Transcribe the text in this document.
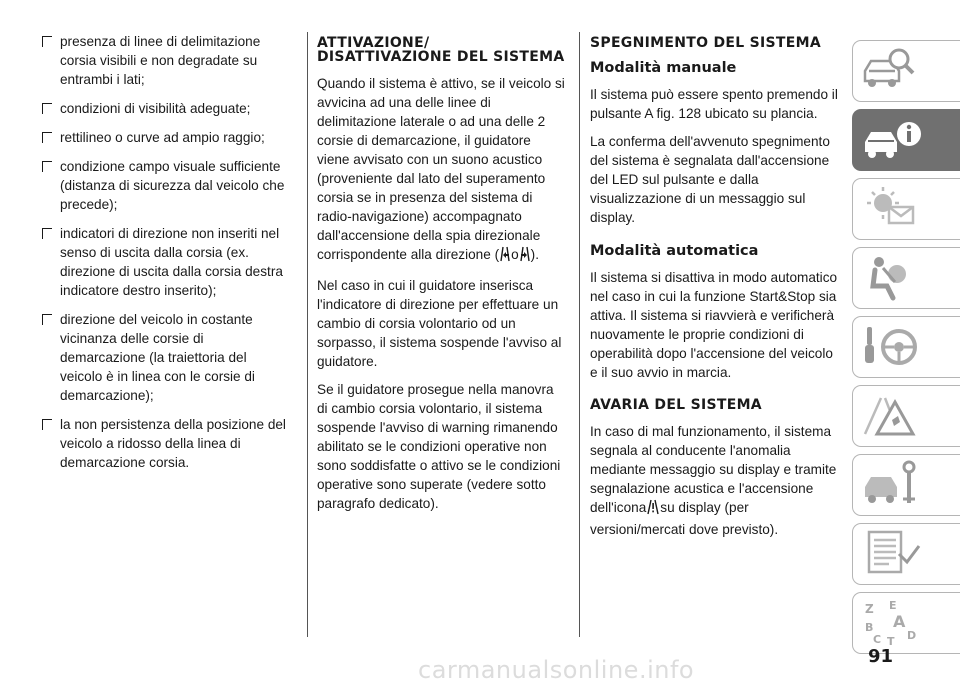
presenza di linee di delimitazione corsia visibili e non degradate su entrambi i lati;
condizioni di visibilità adeguate;
rettilineo o curve ad ampio raggio;
condizione campo visuale sufficiente (distanza di sicurezza dal veicolo che precede);
indicatori di direzione non inseriti nel senso di uscita dalla corsia (ex. direzione di uscita dalla corsia destra indicatore destro inserito);
direzione del veicolo in costante vicinanza delle corsie di demarcazione (la traiettoria del veicolo è in linea con le corsie di demarcazione);
la non persistenza della posizione del veicolo a ridosso della linea di demarcazione corsia.
ATTIVAZIONE/ DISATTIVAZIONE DEL SISTEMA

Quando il sistema è attivo, se il veicolo si avvicina ad una delle linee di delimitazione laterale o ad una delle 2 corsie di demarcazione, il guidatore viene avvisato con un suono acustico (proveniente dal lato del superamento corsia se in presenza del sistema di radio-navigazione) accompagnato dall'accensione della spia direzionale corrispondente alla direzione ( o ).

Nel caso in cui il guidatore inserisca l'indicatore di direzione per effettuare un cambio di corsia volontario od un sorpasso, il sistema sospende l'avviso al guidatore.

Se il guidatore prosegue nella manovra di cambio corsia volontario, il sistema sospende l'avviso di warning rimanendo abilitato se le condizioni operative non sono soddisfatte o attivo se le condizioni operative sono superate (vedere sotto paragrafo dedicato).

SPEGNIMENTO DEL SISTEMA
Modalità manuale

Il sistema può essere spento premendo il pulsante A fig. 128 ubicato su plancia.

La conferma dell'avvenuto spegnimento del sistema è segnalata dall'accensione del LED sul pulsante e dalla visualizzazione di un messaggio sul display.

Modalità automatica

Il sistema si disattiva in modo automatico nel caso in cui la funzione Start&Stop sia attiva. Il sistema si riavvierà e verificherà nuovamente le proprie condizioni di operabilità dopo l'accensione del veicolo e il suo avvio in marcia.

AVARIA DEL SISTEMA

In caso di mal funzionamento, il sistema segnala al conducente l'anomalia mediante messaggio su display e tramite segnalazione acustica e l'accensione dell'icona su display (per versioni/mercati dove previsto).

Z E
B A
C T D
91
carmanualsonline.info
